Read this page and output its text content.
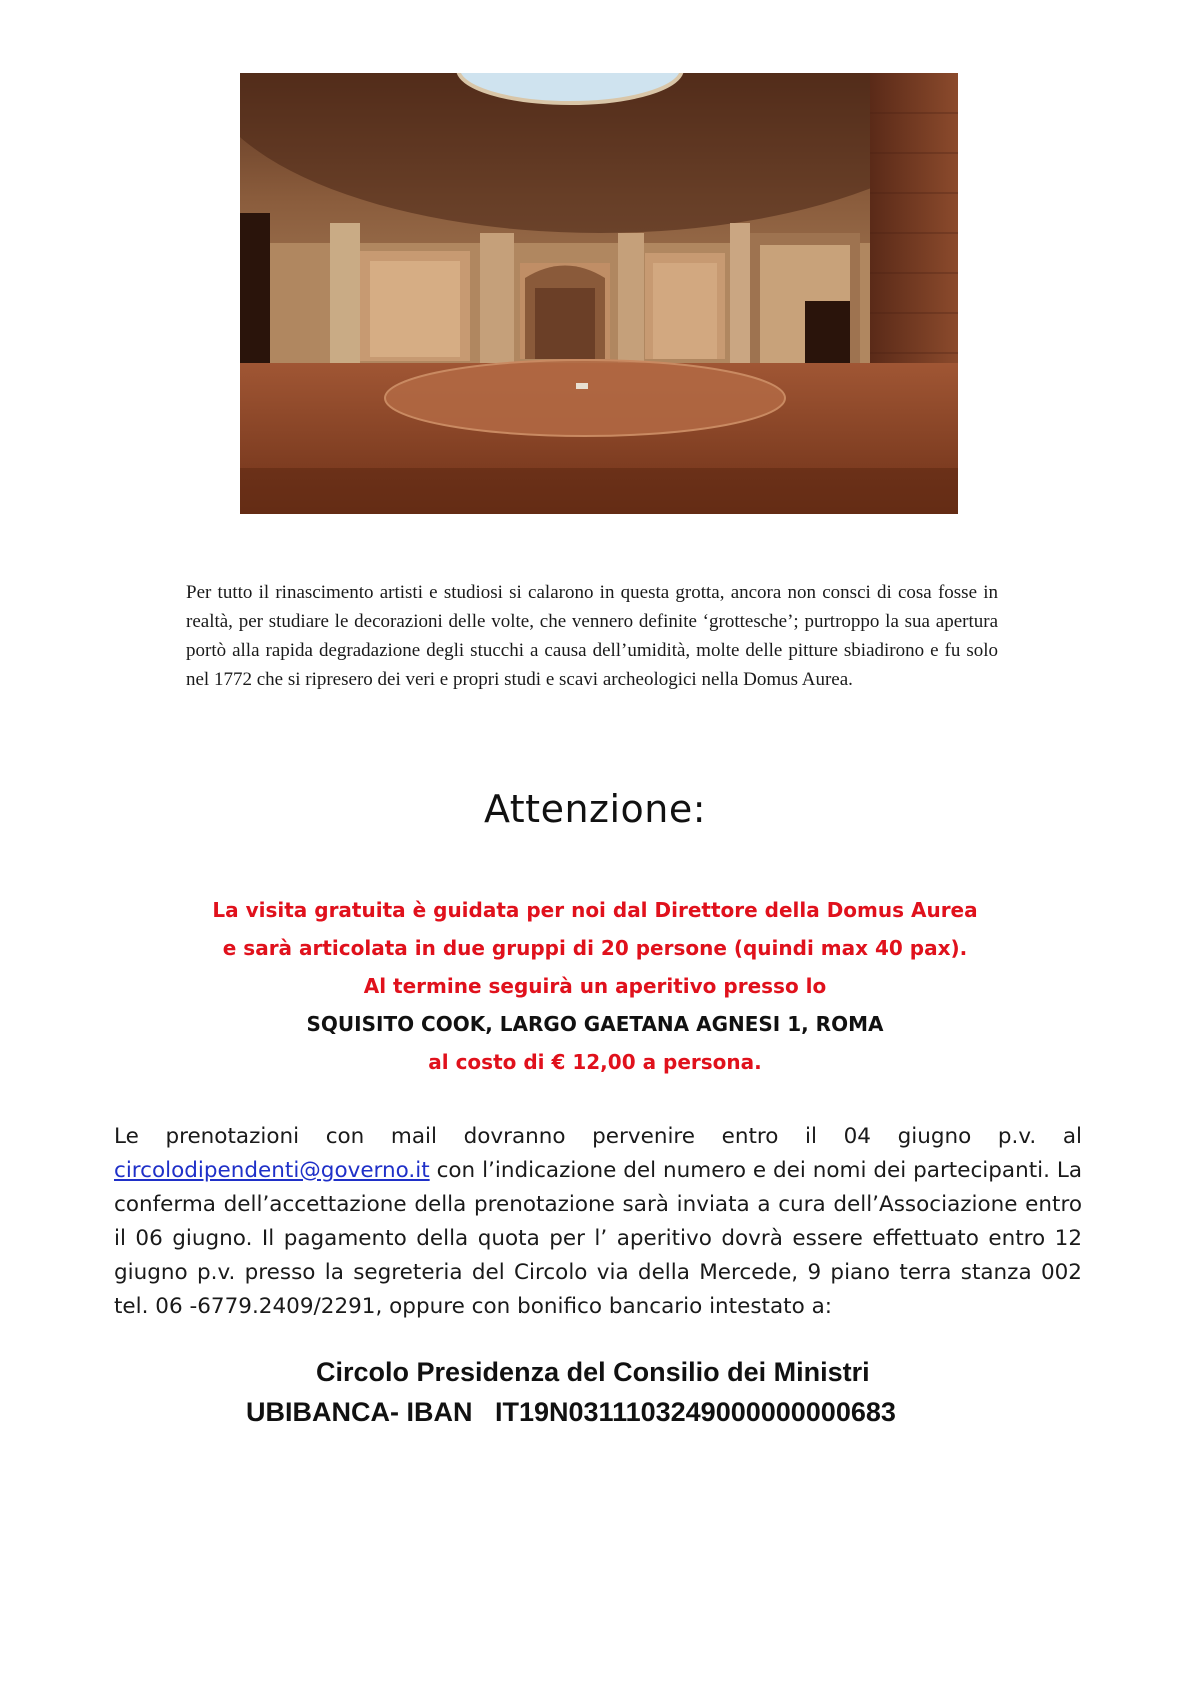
Per tutto il rinascimento artisti e studiosi si calarono in questa grotta, ancora non consci di cosa fosse in realtà, per studiare le decorazioni delle volte, che vennero definite ‘grottesche’; purtroppo la sua apertura portò alla rapida degradazione degli stucchi a causa dell’umidità, molte delle pitture sbiadirono e fu solo nel 1772 che si ripresero dei veri e propri studi e scavi archeologici nella Domus Aurea.

Attenzione:
La visita gratuita è guidata per noi dal Direttore della Domus Aurea
e sarà articolata in due gruppi di 20 persone (quindi max 40 pax).
Al termine seguirà un aperitivo presso lo
SQUISITO COOK, LARGO GAETANA AGNESI 1, ROMA
al costo di € 12,00 a persona.

Le prenotazioni con mail dovranno pervenire entro il 04 giugno p.v. al circolodipendenti@governo.it con l’indicazione del numero e dei nomi dei partecipanti. La conferma dell’accettazione della prenotazione sarà inviata a cura dell’Associazione entro il 06 giugno. Il pagamento della quota per l’ aperitivo dovrà essere effettuato entro 12 giugno p.v. presso la segreteria del Circolo via della Mercede, 9 piano terra stanza 002 tel. 06 -6779.2409/2291, oppure con bonifico bancario intestato a:

Circolo Presidenza del Consilio dei Ministri
UBIBANCA- IBAN   IT19N0311103249000000000683
